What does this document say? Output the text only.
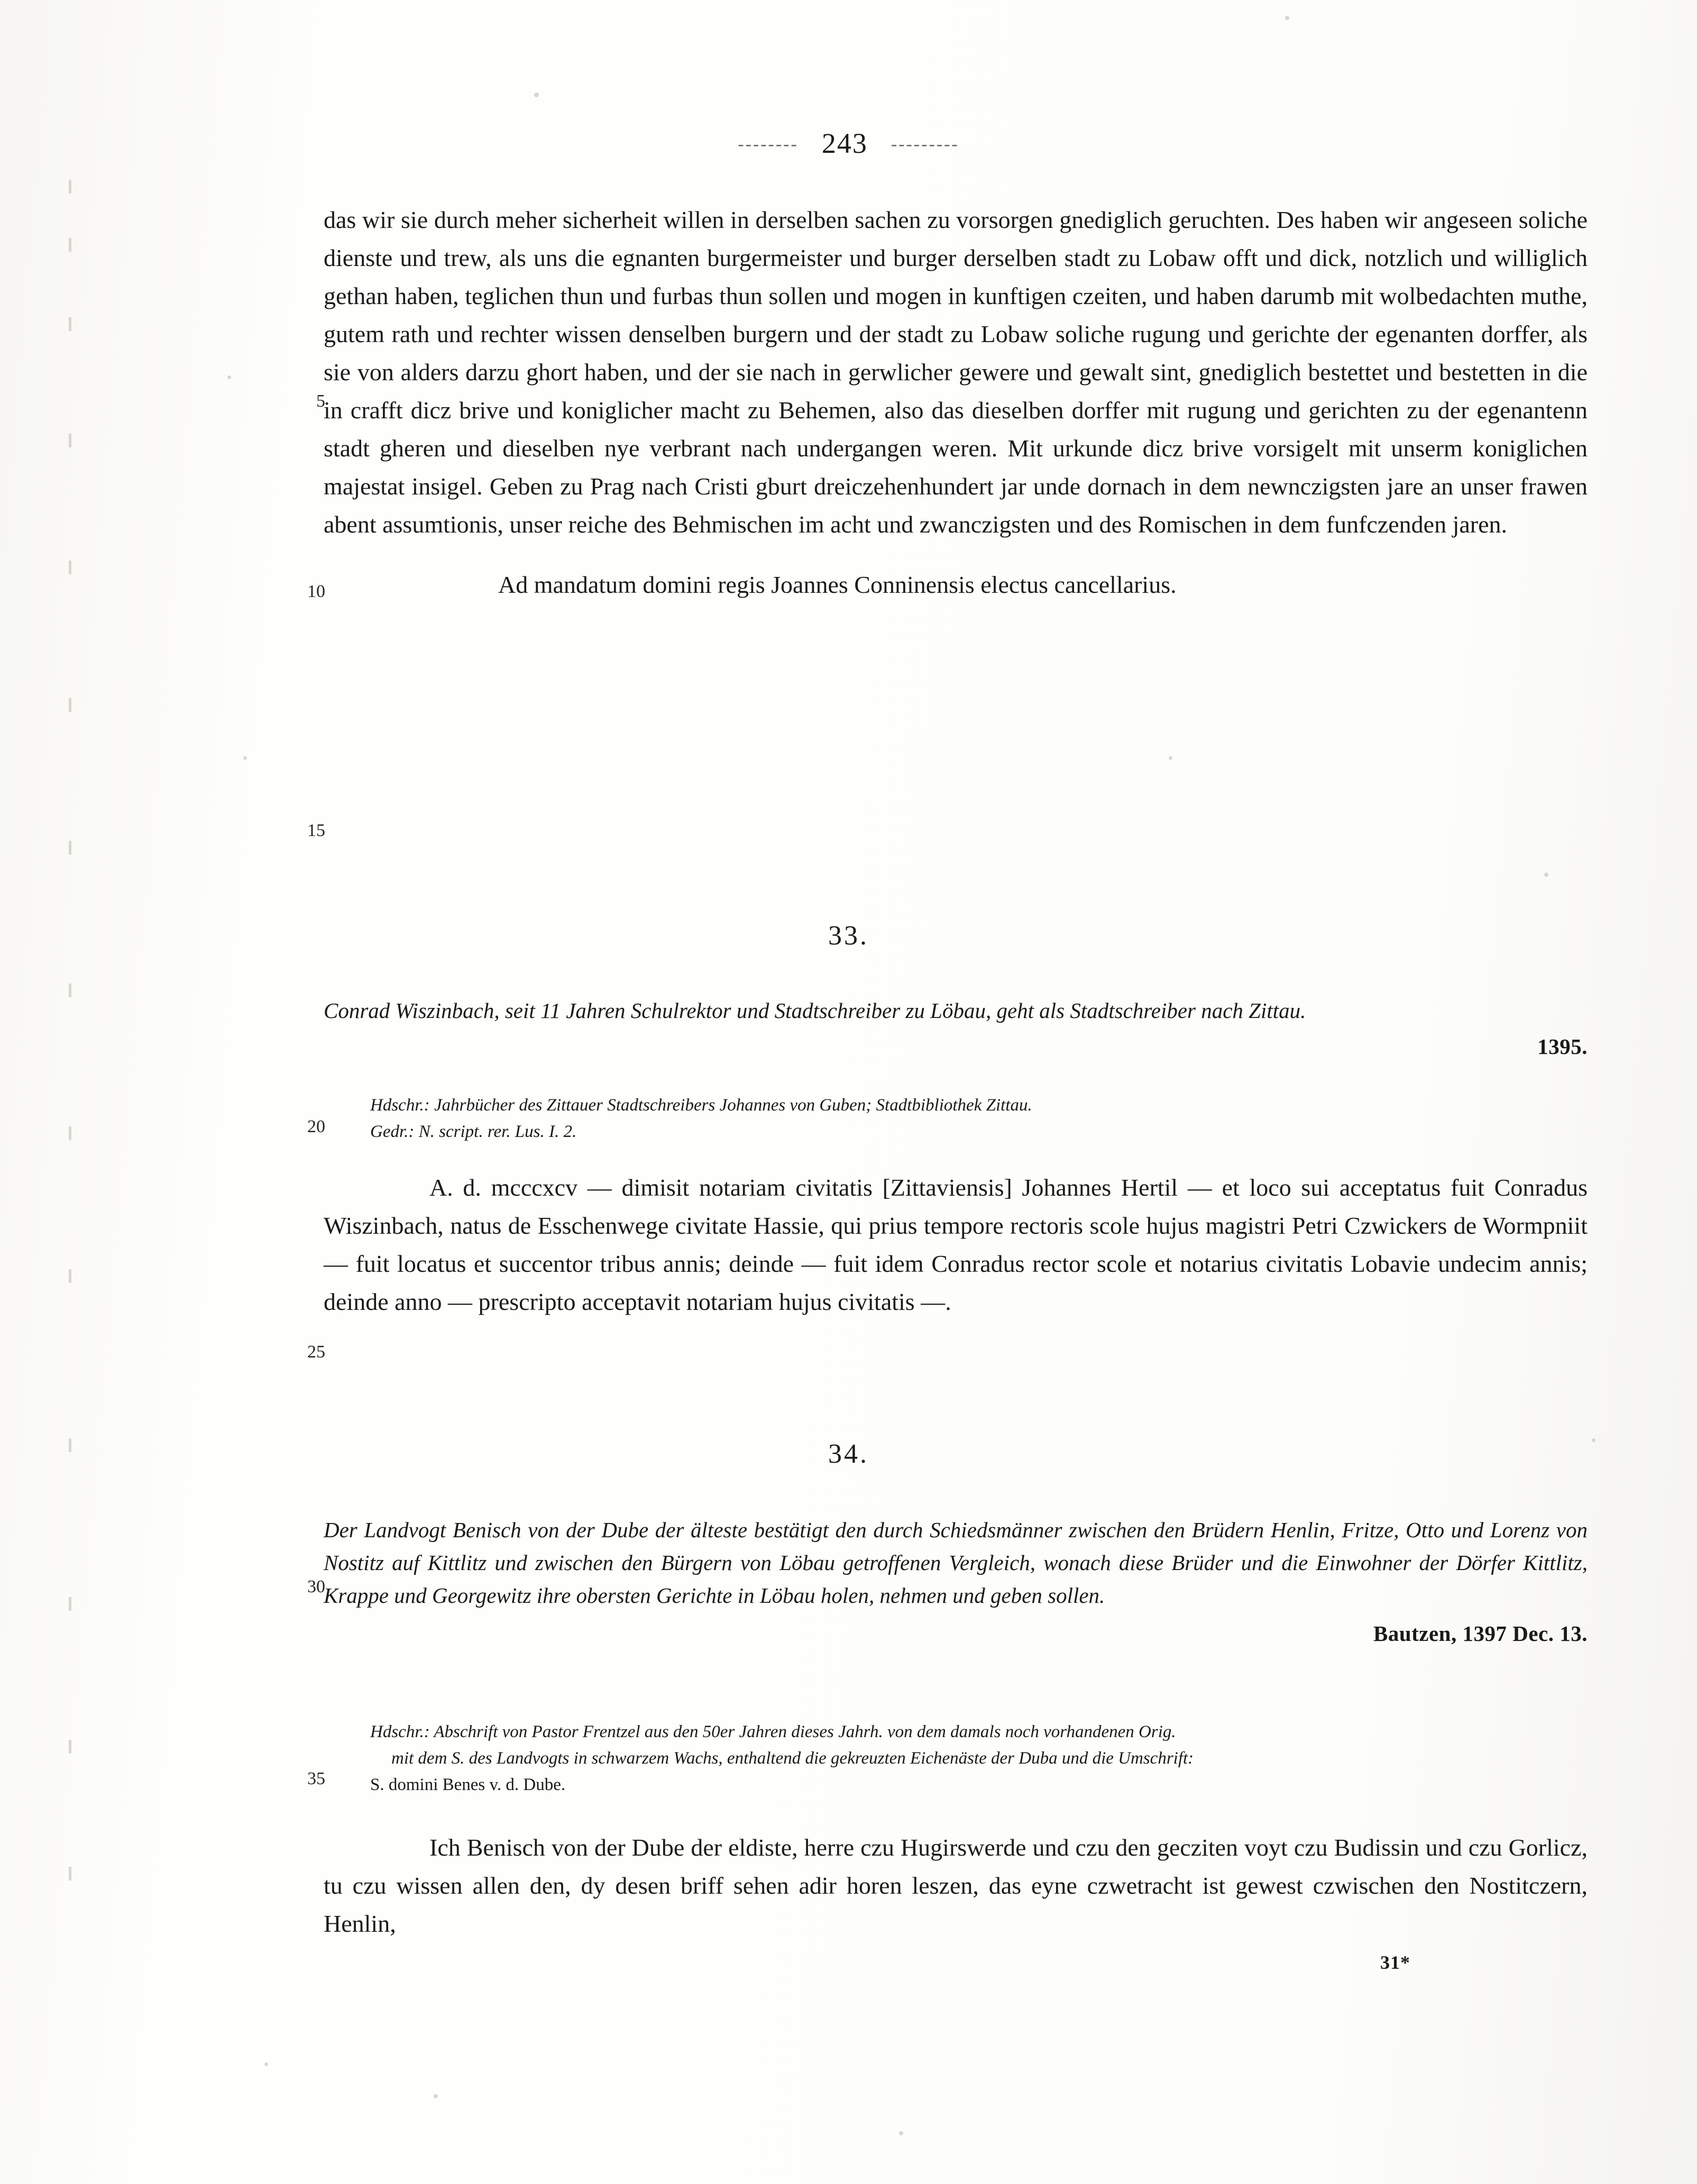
-------- 243 ---------

das wir sie durch meher sicherheit willen in derselben sachen zu vorsorgen gnediglich geruchten. Des haben wir angeseen soliche dienste und trew, als uns die egnanten burgermeister und burger derselben stadt zu Lobaw offt und dick, notzlich und williglich gethan haben, teglichen thun und furbas thun sollen und mogen in kunftigen czeiten, und haben darumb mit wolbedachten muthe, gutem rath und rechter wissen denselben burgern und der stadt zu Lobaw soliche rugung und gerichte der egenanten dorffer, als sie von alders darzu ghort haben, und der sie nach in gerwlicher gewere und gewalt sint, gnediglich bestettet und bestetten in die in crafft dicz brive und koniglicher macht zu Behemen, also das dieselben dorffer mit rugung und gerichten zu der egenantenn stadt gheren und dieselben nye verbrant nach undergangen weren. Mit urkunde dicz brive vorsigelt mit unserm koniglichen majestat insigel. Geben zu Prag nach Cristi gburt dreiczehenhundert jar unde dornach in dem newnczigsten jare an unser frawen abent assumtionis, unser reiche des Behmischen im acht und zwanczigsten und des Romischen in dem funfczenden jaren.

Ad mandatum domini regis Joannes Conninensis electus cancellarius.

5
10
15
33.

Conrad Wiszinbach, seit 11 Jahren Schulrektor und Stadtschreiber zu Löbau, geht als Stadtschreiber nach Zittau.

1395.

Hdschr.: Jahrbücher des Zittauer Stadtschreibers Johannes von Guben; Stadtbibliothek Zittau.

Gedr.: N. script. rer. Lus. I. 2.

20

A. d. mcccxcv — dimisit notariam civitatis [Zittaviensis] Johannes Hertil — et loco sui acceptatus fuit Conradus Wiszinbach, natus de Esschenwege civitate Hassie, qui prius tempore rectoris scole hujus magistri Petri Czwickers de Wormpniit — fuit locatus et succentor tribus annis; deinde — fuit idem Conradus rector scole et notarius civitatis Lobavie undecim annis; deinde anno — prescripto acceptavit notariam hujus civitatis —.

25
34.

Der Landvogt Benisch von der Dube der älteste bestätigt den durch Schiedsmänner zwischen den Brüdern Henlin, Fritze, Otto und Lorenz von Nostitz auf Kittlitz und zwischen den Bürgern von Löbau getroffenen Vergleich, wonach diese Brüder und die Einwohner der Dörfer Kittlitz, Krappe und Georgewitz ihre obersten Gerichte in Löbau holen, nehmen und geben sollen.

Bautzen, 1397 Dec. 13.

30

Hdschr.: Abschrift von Pastor Frentzel aus den 50er Jahren dieses Jahrh. von dem damals noch vorhandenen Orig.

mit dem S. des Landvogts in schwarzem Wachs, enthaltend die gekreuzten Eichenäste der Duba und die Umschrift:

S. domini Benes v. d. Dube.

35

Ich Benisch von der Dube der eldiste, herre czu Hugirswerde und czu den gecziten voyt czu Budissin und czu Gorlicz, tu czu wissen allen den, dy desen briff sehen adir horen leszen, das eyne czwetracht ist gewest czwischen den Nostitczern, Henlin,

31*
